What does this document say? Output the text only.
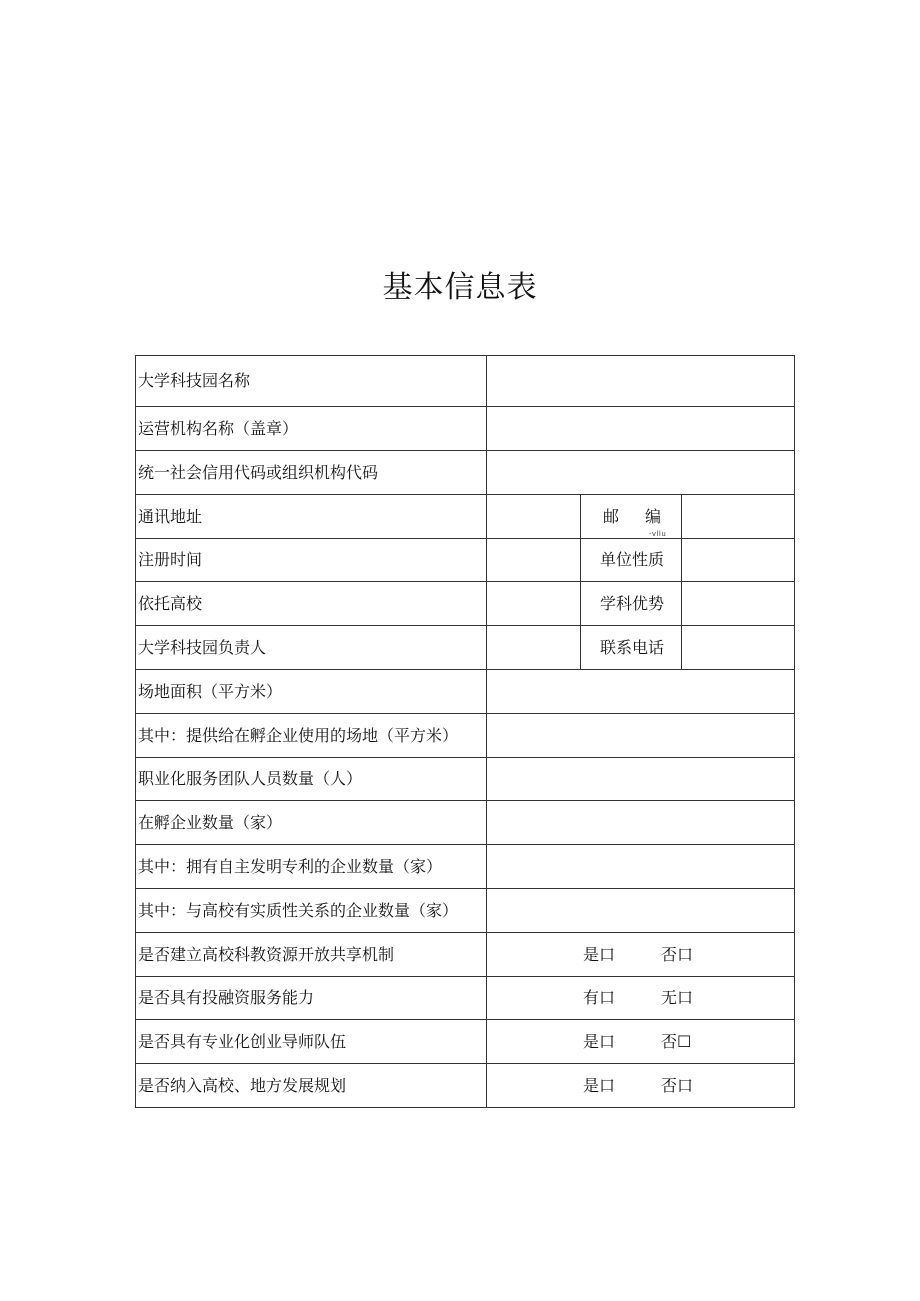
基本信息表
大学科技园名称			
运营机构名称（盖章）			
统一社会信用代码或组织机构代码			
通讯地址		邮 编
-vllu	

注册时间		单位性质	
依托高校		学科优势	
大学科技园负责人		联系电话	
场地面积（平方米）			
其中：提供给在孵企业使用的场地（平方米）			
职业化服务团队人员数量（人）			
在孵企业数量（家）			
其中：拥有自主发明专利的企业数量（家）			
其中：与高校有实质性关系的企业数量（家）			
是否建立高校科教资源开放共享机制	是口 否口		
是否具有投融资服务能力	有口 无口		
是否具有专业化创业导师队伍	是口 否☐		
是否纳入高校、地方发展规划	是口 否口		
